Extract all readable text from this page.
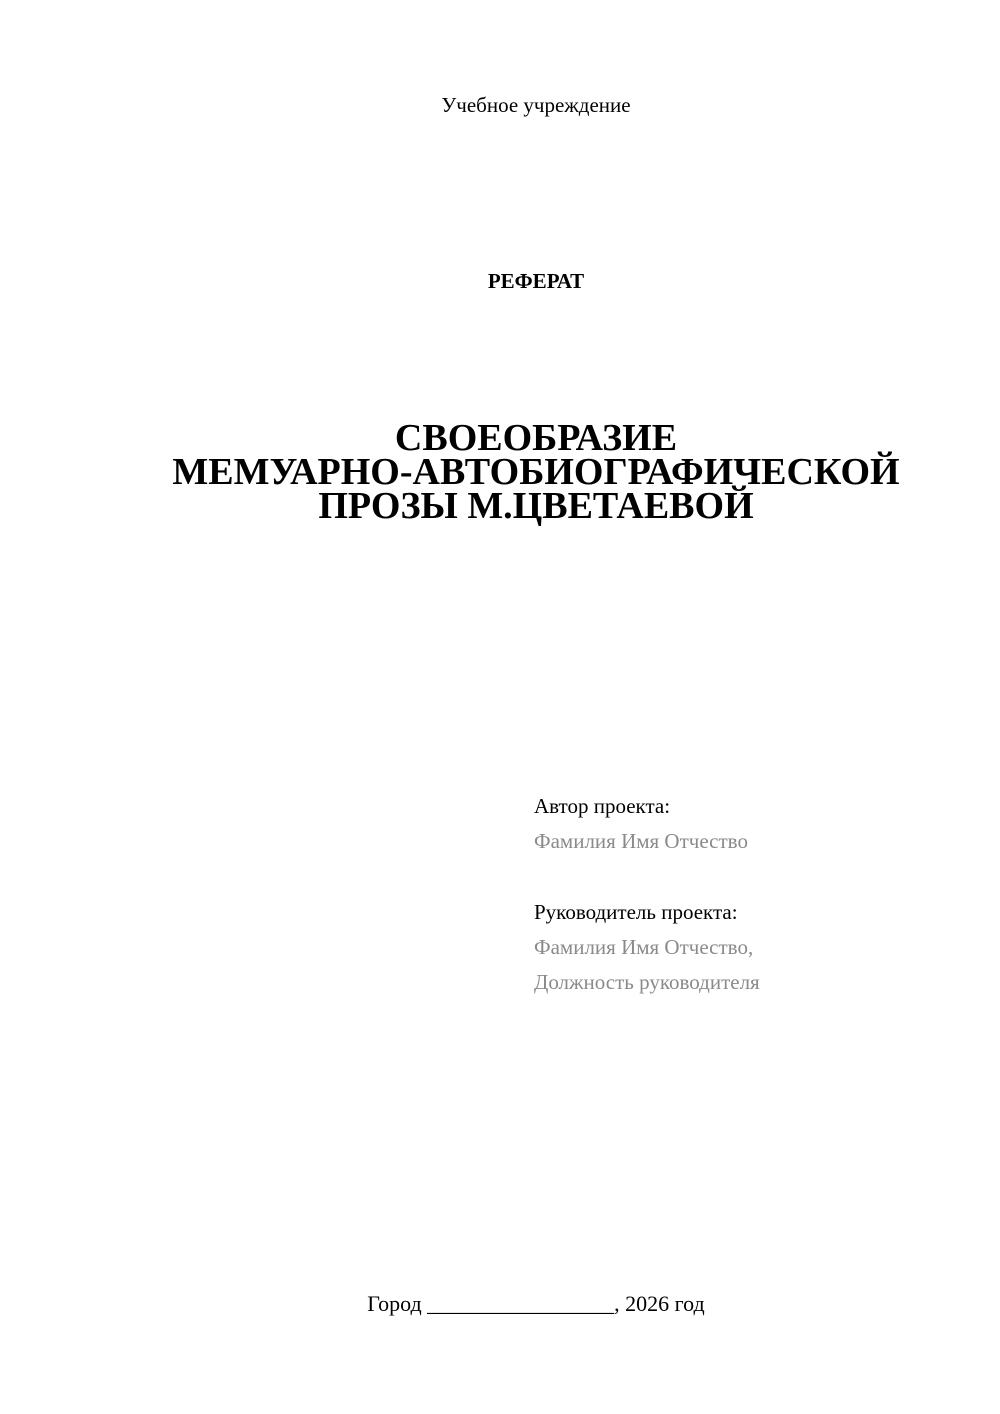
Учебное учреждение
РЕФЕРАТ
СВОЕОБРАЗИЕ
МЕМУАРНО-АВТОБИОГРАФИЧЕСКОЙ
ПРОЗЫ М.ЦВЕТАЕВОЙ
Автор проекта:
Фамилия Имя Отчество
Руководитель проекта:
Фамилия Имя Отчество,
Должность руководителя
Город _________________, 2026 год
